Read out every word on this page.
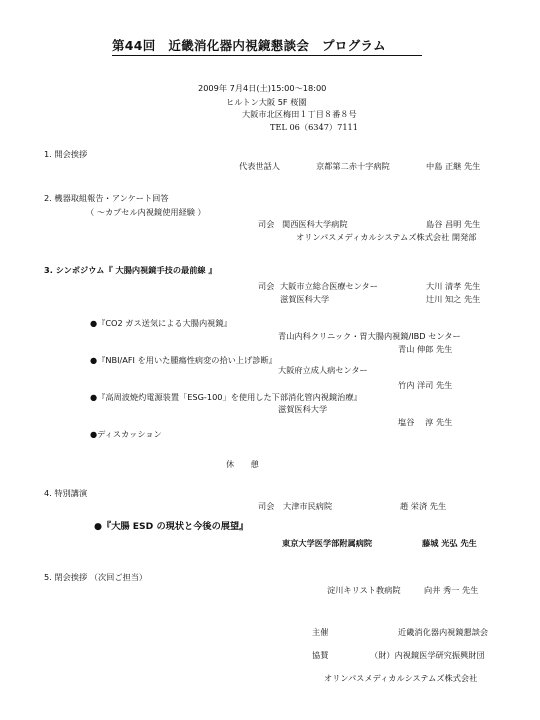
第44回　近畿消化器内視鏡懇談会　プログラム
2009年 7月4日(土)15:00～18:00
ヒルトン大阪 5F 桜園
大阪市北区梅田１丁目８番８号
TEL 06（6347）7111
1. 開会挨拶
代表世話人	京都第二赤十字病院	中島 正継 先生
2. 機器取組報告・アンケート回答
（ ～カプセル内視鏡使用経験 ）
司会 関西医科大学病院	島谷 昌明 先生
オリンパスメディカルシステムズ株式会社 開発部
3. シンポジウム『 大腸内視鏡手技の最前線 』
司会 大阪市立総合医療センター	大川 清孝 先生
滋賀医科大学	辻川 知之 先生
●『CO2 ガス送気による大腸内視鏡』
青山内科クリニック・胃大腸内視鏡/IBD センター
青山 伸郎 先生
●『NBI/AFI を用いた腫瘍性病変の拾い上げ診断』
大阪府立成人病センター
竹内 洋司 先生
●『高周波焼灼電源装置「ESG-100」を使用した下部消化管内視鏡治療』
滋賀医科大学
塩谷　 淳 先生
●ディスカッション
休　　憩
4. 特別講演
司会 大津市民病院	趙 栄済 先生
●『大腸 ESD の現状と今後の展望』
東京大学医学部附属病院	藤城 光弘 先生
5. 閉会挨拶 （次回ご担当）
淀川キリスト教病院	向井 秀一 先生
主催	近畿消化器内視鏡懇談会
協賛	（財）内視鏡医学研究振興財団
オリンパスメディカルシステムズ株式会社
